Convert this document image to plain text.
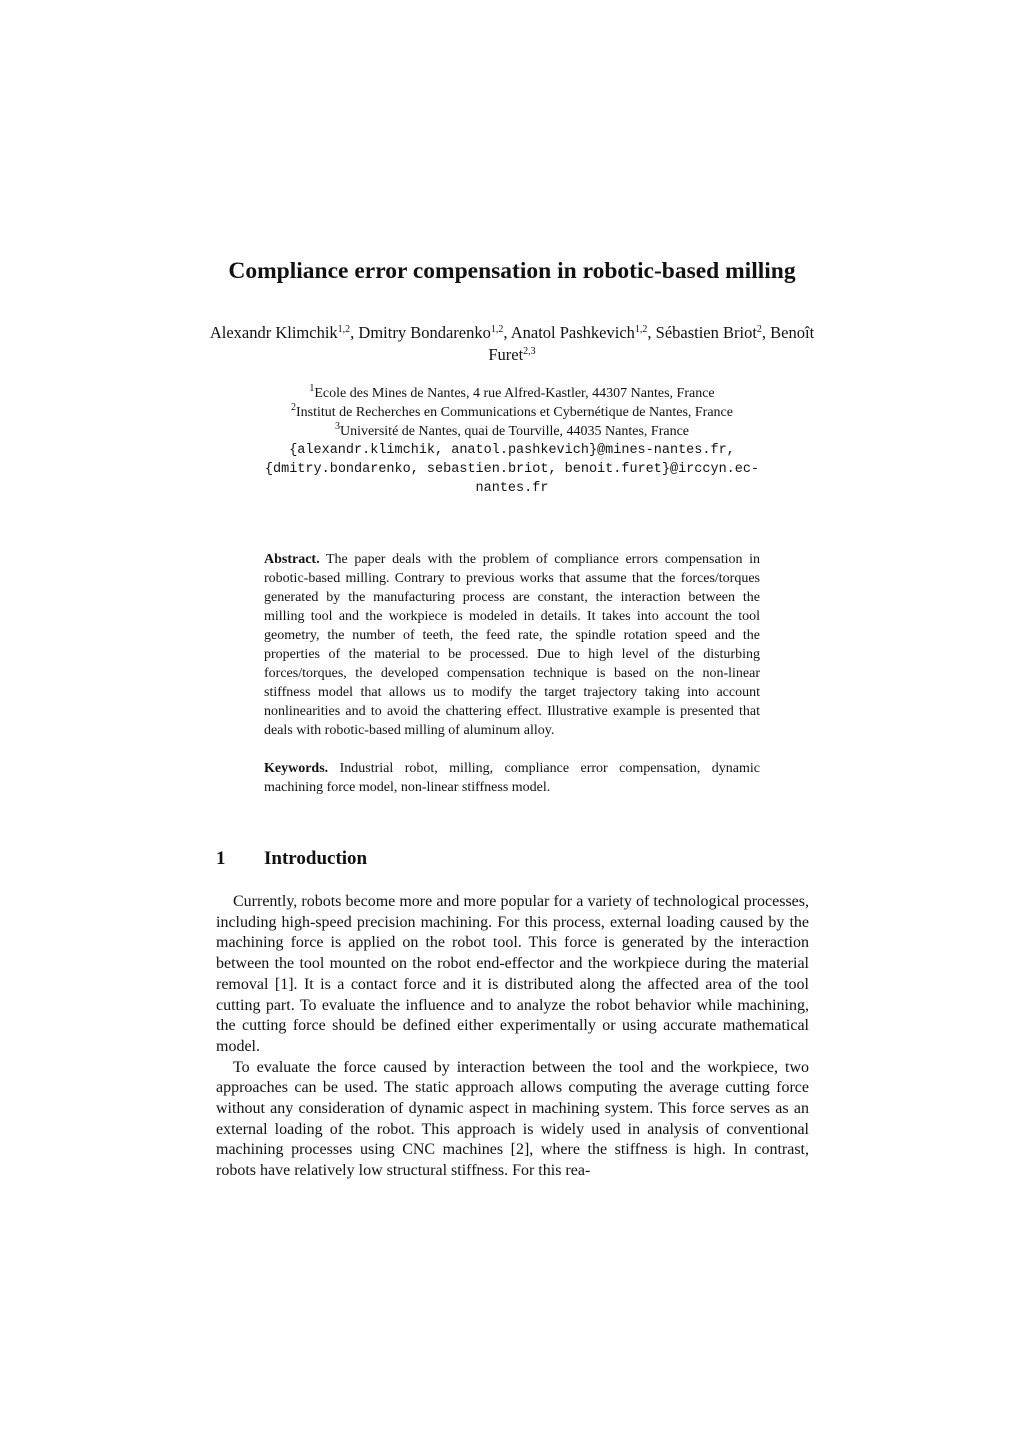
Compliance error compensation in robotic-based milling
Alexandr Klimchik$^{1,2}$, Dmitry Bondarenko$^{1,2}$, Anatol Pashkevich$^{1,2}$, Sébastien Briot$^2$, Benoît Furet$^{2,3}$
$^1$Ecole des Mines de Nantes, 4 rue Alfred-Kastler, 44307 Nantes, France
$^2$Institut de Recherches en Communications et Cybernétique de Nantes, France
$^3$Université de Nantes, quai de Tourville, 44035 Nantes, France
{alexandr.klimchik, anatol.pashkevich}@mines-nantes.fr,
{dmitry.bondarenko, sebastien.briot, benoit.furet}@irccyn.ec-
nantes.fr

Abstract. The paper deals with the problem of compliance errors compensation in robotic-based milling. Contrary to previous works that assume that the forces/torques generated by the manufacturing process are constant, the interaction between the milling tool and the workpiece is modeled in details. It takes into account the tool geometry, the number of teeth, the feed rate, the spindle rotation speed and the properties of the material to be processed. Due to high level of the disturbing forces/torques, the developed compensation technique is based on the non-linear stiffness model that allows us to modify the target trajectory taking into account nonlinearities and to avoid the chattering effect. Illustrative example is presented that deals with robotic-based milling of aluminum alloy.

Keywords. Industrial robot, milling, compliance error compensation, dynamic machining force model, non-linear stiffness model.

1 Introduction

Currently, robots become more and more popular for a variety of technological processes, including high-speed precision machining. For this process, external loading caused by the machining force is applied on the robot tool. This force is generated by the interaction between the tool mounted on the robot end-effector and the workpiece during the material removal [1]. It is a contact force and it is distributed along the affected area of the tool cutting part. To evaluate the influence and to analyze the robot behavior while machining, the cutting force should be defined either experimentally or using accurate mathematical model.

To evaluate the force caused by interaction between the tool and the workpiece, two approaches can be used. The static approach allows computing the average cutting force without any consideration of dynamic aspect in machining system. This force serves as an external loading of the robot. This approach is widely used in analysis of conventional machining processes using CNC machines [2], where the stiffness is high. In contrast, robots have relatively low structural stiffness. For this rea-
